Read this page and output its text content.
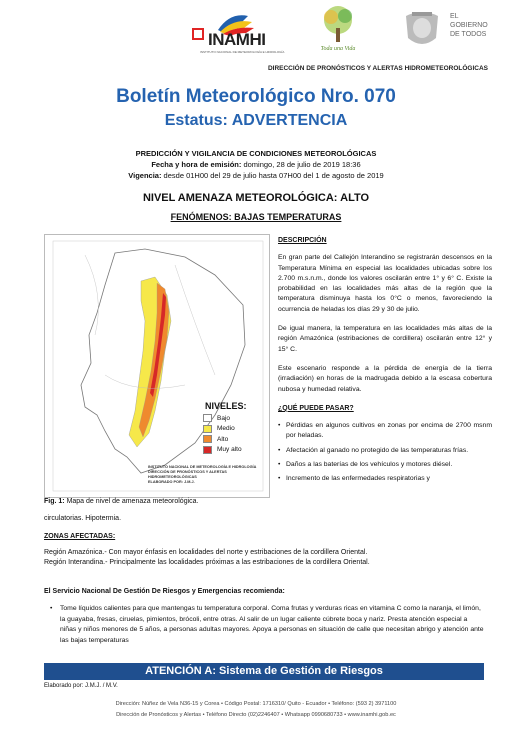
INAMHI
INSTITUTO NACIONAL DE METEOROLOGÍA E HIDROLOGÍA	Toda una Vida
EL
GOBIERNO
DE TODOS
DIRECCIÓN DE PRONÓSTICOS Y ALERTAS HIDROMETEOROLÓGICAS
Boletín Meteorológico Nro. 070
Estatus: ADVERTENCIA
PREDICCIÓN Y VIGILANCIA DE CONDICIONES METEOROLÓGICAS
Fecha y hora de emisión: domingo, 28 de julio de 2019 18:36
Vigencia: desde 01H00 del 29 de julio hasta 07H00 del 1 de agosto de 2019
NIVEL AMENAZA METEOROLÓGICA: ALTO
FENÓMENOS: BAJAS TEMPERATURAS
NIVELES:
Bajo
Medio
Alto
Muy alto
INSTITUTO NACIONAL DE METEOROLOGÍA E HIDROLOGÍA
DIRECCIÓN DE PRONÓSTICOS Y ALERTAS HIDROMETEOROLÓGICAS
ELABORADO POR: J.M.J.
Fig. 1: Mapa de nivel de amenaza meteorológica.
circulatorias. Hipotermia.
DESCRIPCIÓN

En gran parte del Callejón Interandino se registrarán descensos en la Temperatura Mínima en especial las localidades ubicadas sobre los 2.700 m.s.n.m., donde los valores oscilarán entre 1° y 6° C. Existe la probabilidad en las localidades más altas de la región que la temperatura disminuya hasta los 0°C o menos, favoreciendo la ocurrencia de heladas los días 29 y 30 de julio.

De igual manera, la temperatura en las localidades más altas de la región Amazónica (estribaciones de cordillera) oscilarán entre 12° y 15° C.

Este escenario responde a la pérdida de energía de la tierra (irradiación) en horas de la madrugada debido a la escasa cobertura nubosa y humedad relativa.

¿QUÉ PUEDE PASAR?
• Pérdidas en algunos cultivos en zonas por encima de 2700 msnm por heladas.
• Afectación al ganado no protegido de las temperaturas frías.
• Daños a las baterías de los vehículos y motores diésel.
• Incremento de las enfermedades respiratorias y
ZONAS AFECTADAS:
Región Amazónica.- Con mayor énfasis en localidades del norte y estribaciones de la cordillera Oriental.
Región Interandina.- Principalmente las localidades próximas a las estribaciones de la cordillera Oriental.
El Servicio Nacional De Gestión De Riesgos y Emergencias recomienda:
• Tome líquidos calientes para que mantengas tu temperatura corporal. Coma frutas y verduras ricas en vitamina C como la naranja, el limón, la guayaba, fresas, ciruelas, pimientos, brócoli, entre otras. Al salir de un lugar caliente cúbrete boca y nariz. Presta atención especial a niñas y niños menores de 5 años, a personas adultas mayores. Apoya a personas en situación de calle que necesitan abrigo y atención ante las bajas temperaturas
ATENCIÓN A: Sistema de Gestión de Riesgos
Elaborado por: J.M.J. / M.V.
Dirección: Núñez de Vela N36-15 y Corea • Código Postal: 1716310/ Quito - Ecuador • Teléfono: (593 2) 3971100
Dirección de Pronósticos y Alertas • Teléfono Directo (02)2246407 • Whatsapp 0990680733 • www.inamhi.gob.ec
